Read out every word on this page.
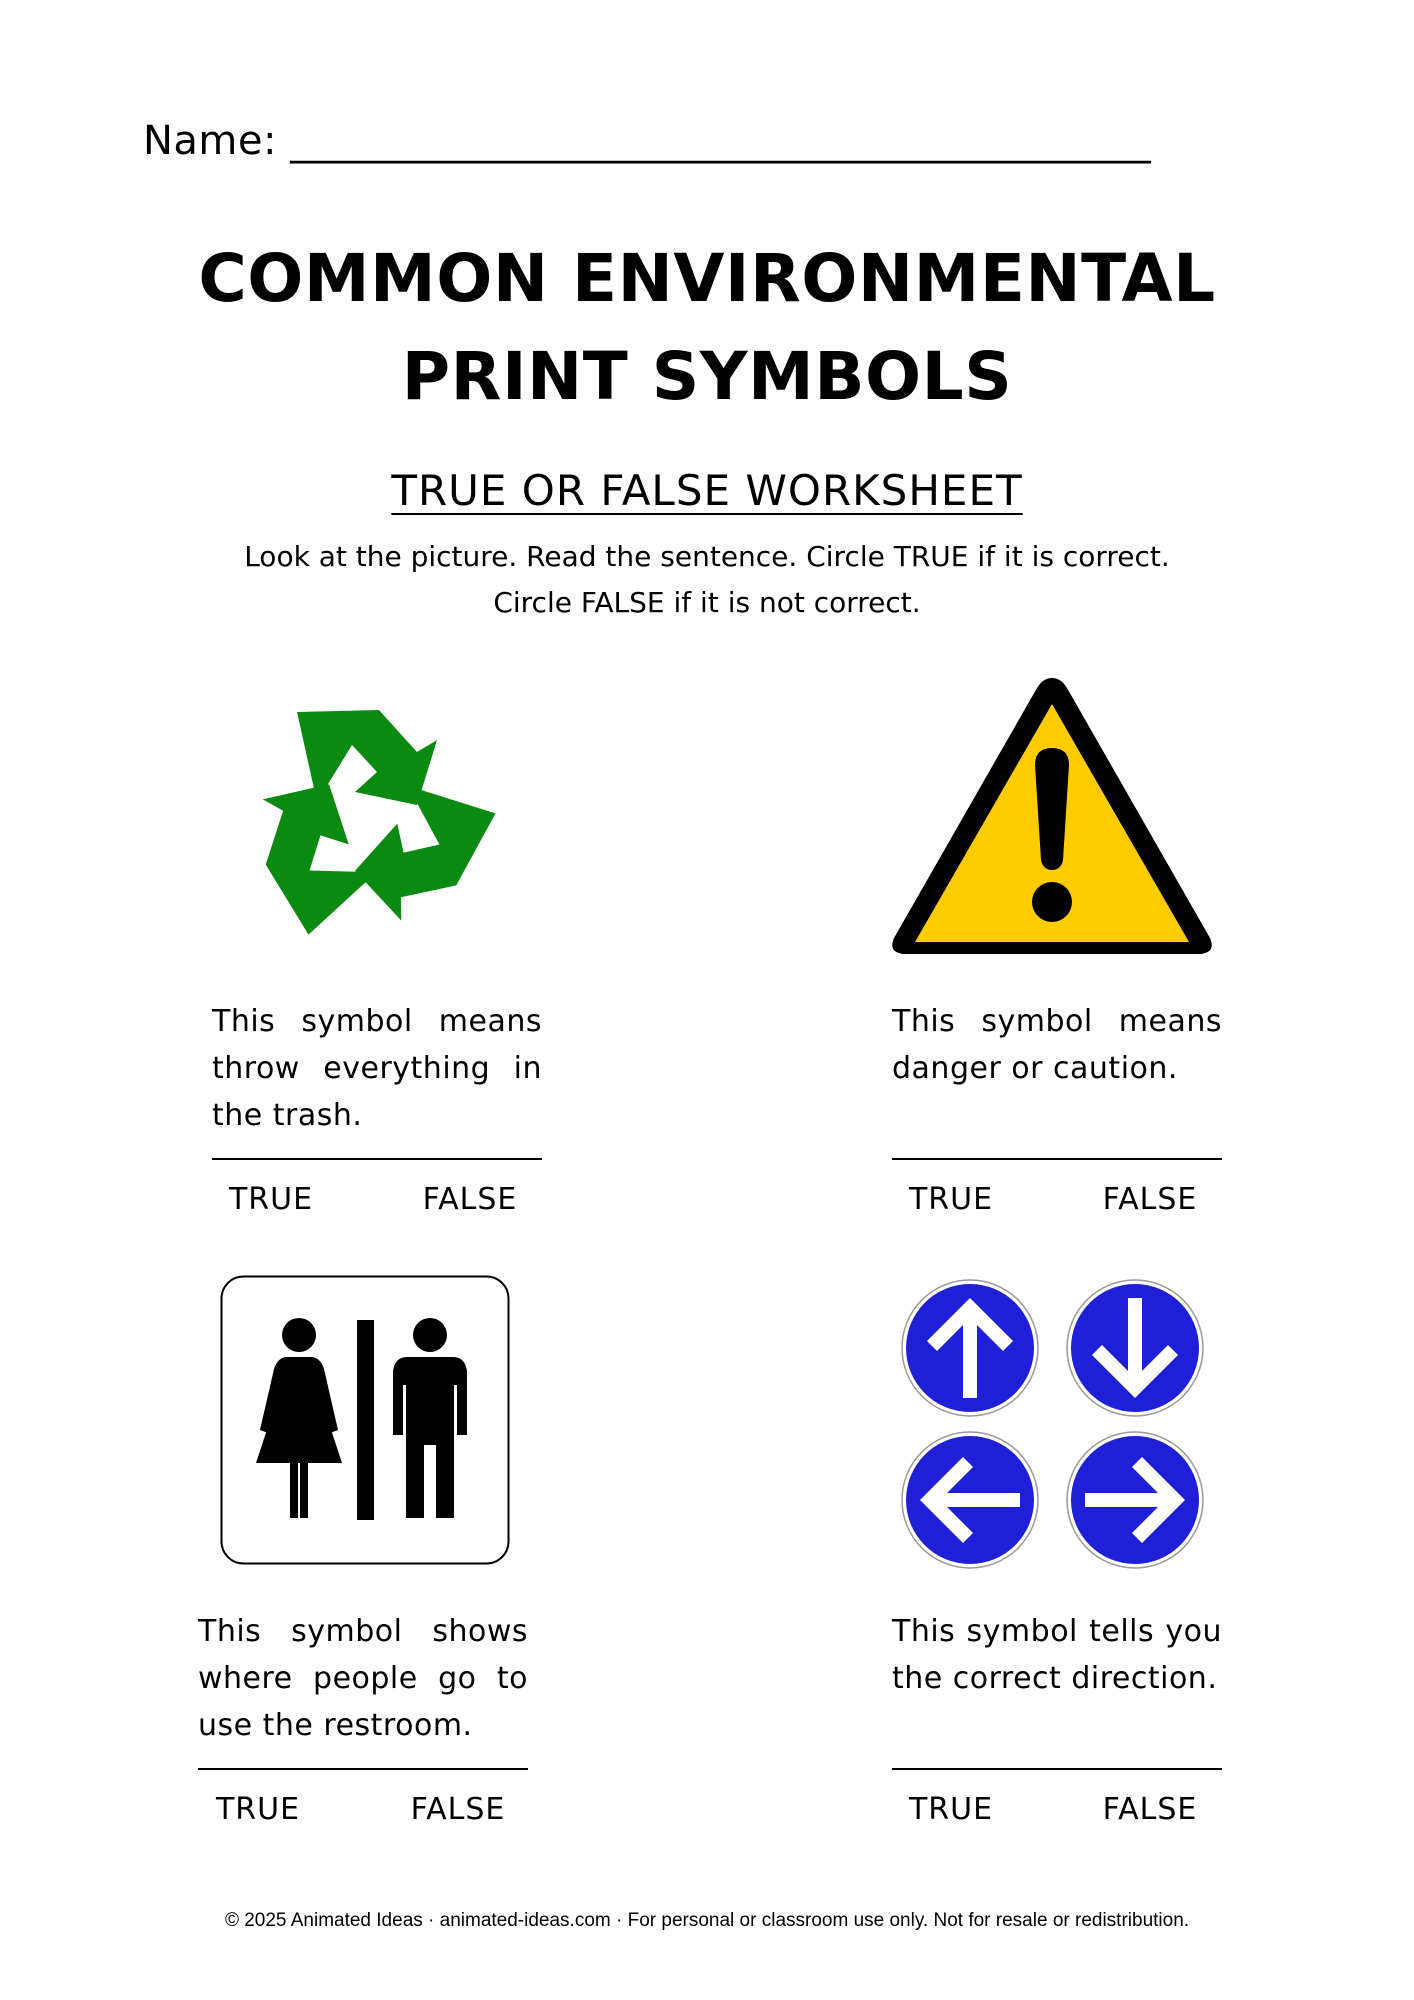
Name: __________________________________________
COMMON ENVIRONMENTAL
PRINT SYMBOLS
TRUE OR FALSE WORKSHEET
Look at the picture. Read the sentence. Circle TRUE if it is correct.
Circle FALSE if it is not correct.
This symbol means throw everything in the trash.
TRUE	FALSE
This symbol means danger or caution.
TRUE	FALSE
This symbol shows where people go to use the restroom.
TRUE	FALSE
This symbol tells you the correct direction.
TRUE	FALSE
© 2025 Animated Ideas · animated-ideas.com · For personal or classroom use only. Not for resale or redistribution.
